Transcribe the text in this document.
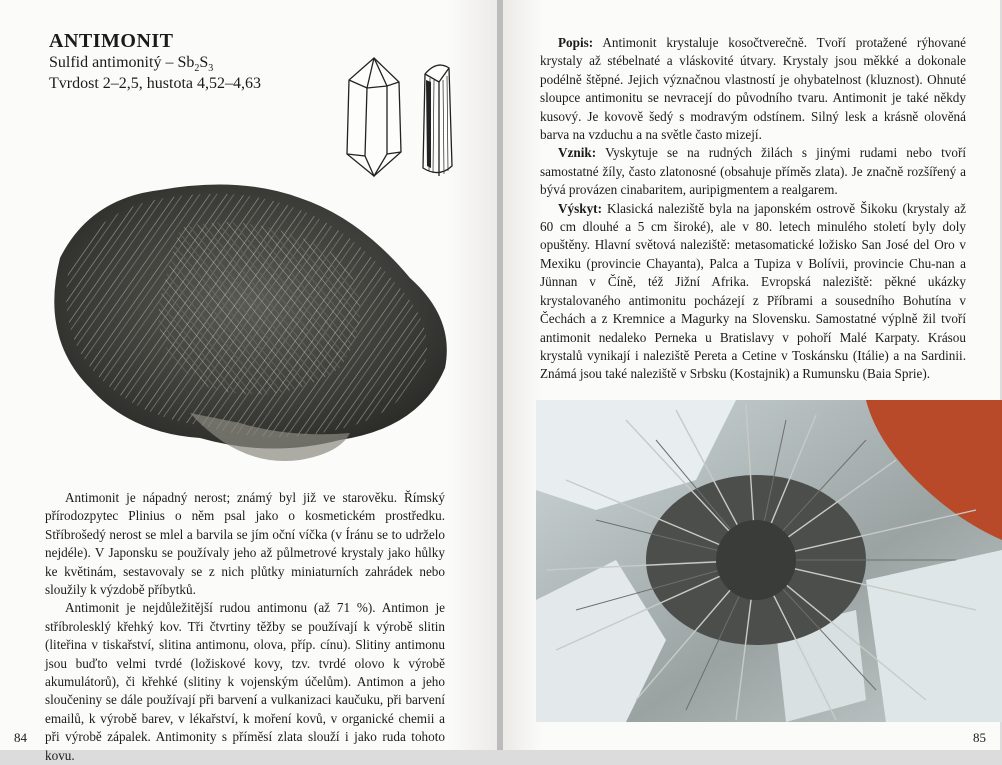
ANTIMONIT
Sulfid antimonitý – $Sb_2S_3$
Tvrdost 2–2,5, hustota 4,52–4,63

Antimonit je nápadný nerost; známý byl již ve starověku. Římský přírodozpytec Plinius o něm psal jako o kosmetickém prostředku. Stříbrošedý nerost se mlel a barvila se jím oční víčka (v Íránu se to udrželo nejdéle). V Japonsku se používaly jeho až půlmetrové krystaly jako hůlky ke květinám, sestavovaly se z nich plůtky miniaturních zahrádek nebo sloužily k výzdobě příbytků.

Antimonit je nejdůležitější rudou antimonu (až 71 %). Antimon je stříbrolesklý křehký kov. Tři čtvrtiny těžby se používají k výrobě slitin (liteřina v tiskařství, slitina antimonu, olova, příp. cínu). Slitiny antimonu jsou buďto velmi tvrdé (ložiskové kovy, tzv. tvrdé olovo k výrobě akumulátorů), či křehké (slitiny k vojenským účelům). Antimon a jeho sloučeniny se dále používají při barvení a vulkanizaci kaučuku, při barvení emailů, k výrobě barev, v lékařství, k moření kovů, v organické chemii a při výrobě zápalek. Antimonity s příměsí zlata slouží i jako ruda tohoto kovu.

84

Popis: Antimonit krystaluje kosočtverečně. Tvoří protažené rýhované krystaly až stébelnaté a vláskovité útvary. Krystaly jsou měkké a dokonale podélně štěpné. Jejich význačnou vlastností je ohybatelnost (kluznost). Ohnuté sloupce antimonitu se nevracejí do původního tvaru. Antimonit je také někdy kusový. Je kovově šedý s modravým odstínem. Silný lesk a krásně olověná barva na vzduchu a na světle často mizejí.

Vznik: Vyskytuje se na rudných žilách s jinými rudami nebo tvoří samostatné žíly, často zlatonosné (obsahuje příměs zlata). Je značně rozšířený a bývá provázen cinabaritem, auripigmentem a realgarem.

Výskyt: Klasická naleziště byla na japonském ostrově Šikoku (krystaly až 60 cm dlouhé a 5 cm široké), ale v 80. letech minulého století byly doly opuštěny. Hlavní světová naleziště: metasomatické ložisko San José del Oro v Mexiku (provincie Chayanta), Palca a Tupiza v Bolívii, provincie Chu-nan a Jünnan v Číně, též Jižní Afrika. Evropská naleziště: pěkné ukázky krystalovaného antimonitu pocházejí z Příbrami a sousedního Bohutína v Čechách a z Kremnice a Magurky na Slovensku. Samostatné výplně žil tvoří antimonit nedaleko Perneka u Bratislavy v pohoří Malé Karpaty. Krásou krystalů vynikají i naleziště Pereta a Cetine v Toskánsku (Itálie) a na Sardinii. Známá jsou také naleziště v Srbsku (Kostajnik) a Rumunsku (Baia Sprie).

85
